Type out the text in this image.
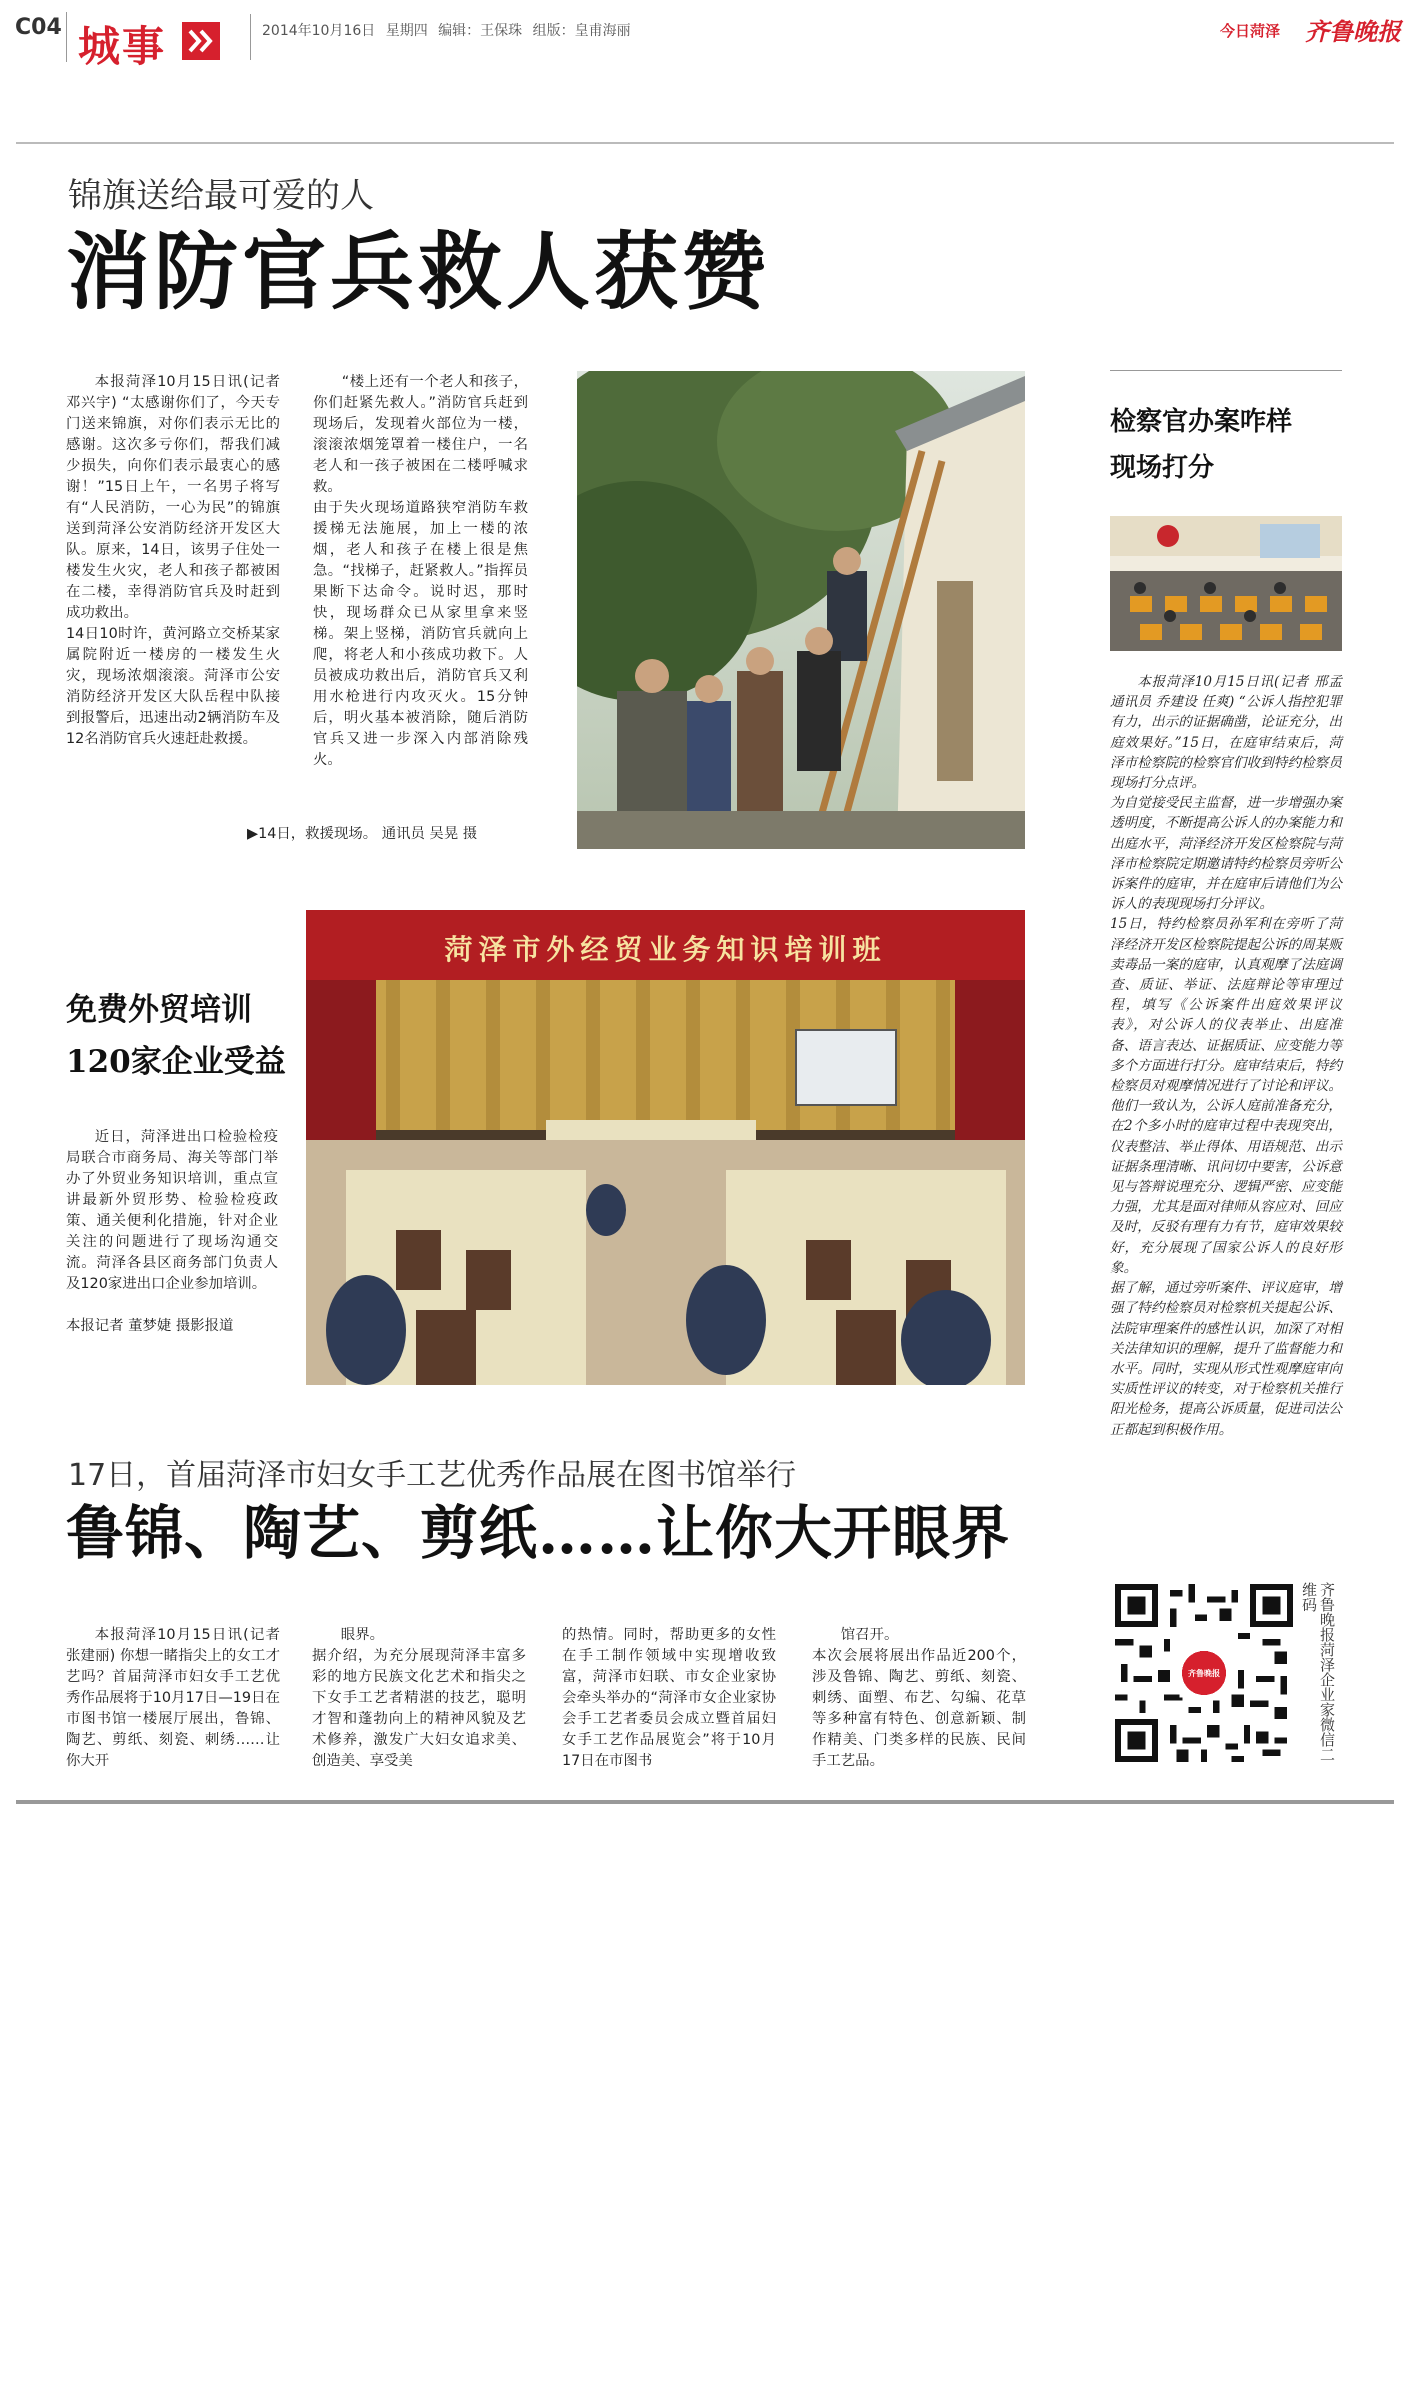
C04 城事	2014年10月16日 星期四 编辑：王保珠 组版：皇甫海丽	今日菏泽 齐鲁晚报
锦旗送给最可爱的人
消防官兵救人获赞
本报菏泽10月15日讯(记者 邓兴宇) “太感谢你们了，今天专门送来锦旗，对你们表示无比的感谢。这次多亏你们，帮我们减少损失，向你们表示最衷心的感谢！”15日上午，一名男子将写有“人民消防，一心为民”的锦旗送到菏泽公安消防经济开发区大队。原来，14日，该男子住处一楼发生火灾，老人和孩子都被困在二楼，幸得消防官兵及时赶到成功救出。
14日10时许，黄河路立交桥某家属院附近一楼房的一楼发生火灾，现场浓烟滚滚。菏泽市公安消防经济开发区大队岳程中队接到报警后，迅速出动2辆消防车及12名消防官兵火速赶赴救援。
“楼上还有一个老人和孩子，你们赶紧先救人。”消防官兵赶到现场后，发现着火部位为一楼，滚滚浓烟笼罩着一楼住户，一名老人和一孩子被困在二楼呼喊求救。
由于失火现场道路狭窄消防车救援梯无法施展，加上一楼的浓烟，老人和孩子在楼上很是焦急。“找梯子，赶紧救人。”指挥员果断下达命令。说时迟，那时快，现场群众已从家里拿来竖梯。架上竖梯，消防官兵就向上爬，将老人和小孩成功救下。人员被成功救出后，消防官兵又利用水枪进行内攻灭火。15分钟后，明火基本被消除，随后消防官兵又进一步深入内部消除残火。
▶14日，救援现场。 通讯员 吴晃 摄
免费外贸培训
120家企业受益
近日，菏泽进出口检验检疫局联合市商务局、海关等部门举办了外贸业务知识培训，重点宣讲最新外贸形势、检验检疫政策、通关便利化措施，针对企业关注的问题进行了现场沟通交流。菏泽各县区商务部门负责人及120家进出口企业参加培训。
本报记者 董梦婕 摄影报道
菏泽市外经贸业务知识培训班
17日，首届菏泽市妇女手工艺优秀作品展在图书馆举行
鲁锦、陶艺、剪纸……让你大开眼界
本报菏泽10月15日讯(记者 张建丽) 你想一睹指尖上的女工才艺吗？首届菏泽市妇女手工艺优秀作品展将于10月17日—19日在市图书馆一楼展厅展出，鲁锦、陶艺、剪纸、刻瓷、刺绣……让你大开
眼界。
据介绍，为充分展现菏泽丰富多彩的地方民族文化艺术和指尖之下女手工艺者精湛的技艺，聪明才智和蓬勃向上的精神风貌及艺术修养，激发广大妇女追求美、创造美、享受美
的热情。同时，帮助更多的女性在手工制作领域中实现增收致富，菏泽市妇联、市女企业家协会牵头举办的“菏泽市女企业家协会手工艺者委员会成立暨首届妇女手工艺作品展览会”将于10月17日在市图书
馆召开。
本次会展将展出作品近200个，涉及鲁锦、陶艺、剪纸、刻瓷、刺绣、面塑、布艺、勾编、花草等多种富有特色、创意新颖、制作精美、门类多样的民族、民间手工艺品。
检察官办案咋样
现场打分
本报菏泽10月15日讯(记者 邢孟 通讯员 乔建设 任爽) “公诉人指控犯罪有力，出示的证据确凿，论证充分，出庭效果好。”15日，在庭审结束后，菏泽市检察院的检察官们收到特约检察员现场打分点评。
为自觉接受民主监督，进一步增强办案透明度，不断提高公诉人的办案能力和出庭水平，菏泽经济开发区检察院与菏泽市检察院定期邀请特约检察员旁听公诉案件的庭审，并在庭审后请他们为公诉人的表现现场打分评议。
15日，特约检察员孙军利在旁听了菏泽经济开发区检察院提起公诉的周某贩卖毒品一案的庭审，认真观摩了法庭调查、质证、举证、法庭辩论等审理过程，填写《公诉案件出庭效果评议表》，对公诉人的仪表举止、出庭准备、语言表达、证据质证、应变能力等多个方面进行打分。庭审结束后，特约检察员对观摩情况进行了讨论和评议。他们一致认为，公诉人庭前准备充分，在2个多小时的庭审过程中表现突出，仪表整洁、举止得体、用语规范、出示证据条理清晰、讯问切中要害，公诉意见与答辩说理充分、逻辑严密、应变能力强，尤其是面对律师从容应对、回应及时，反驳有理有力有节，庭审效果较好，充分展现了国家公诉人的良好形象。
据了解，通过旁听案件、评议庭审，增强了特约检察员对检察机关提起公诉、法院审理案件的感性认识，加深了对相关法律知识的理解，提升了监督能力和水平。同时，实现从形式性观摩庭审向实质性评议的转变，对于检察机关推行阳光检务，提高公诉质量，促进司法公正都起到积极作用。
齐鲁晚报	齐鲁晚报菏泽企业家微信二维码
